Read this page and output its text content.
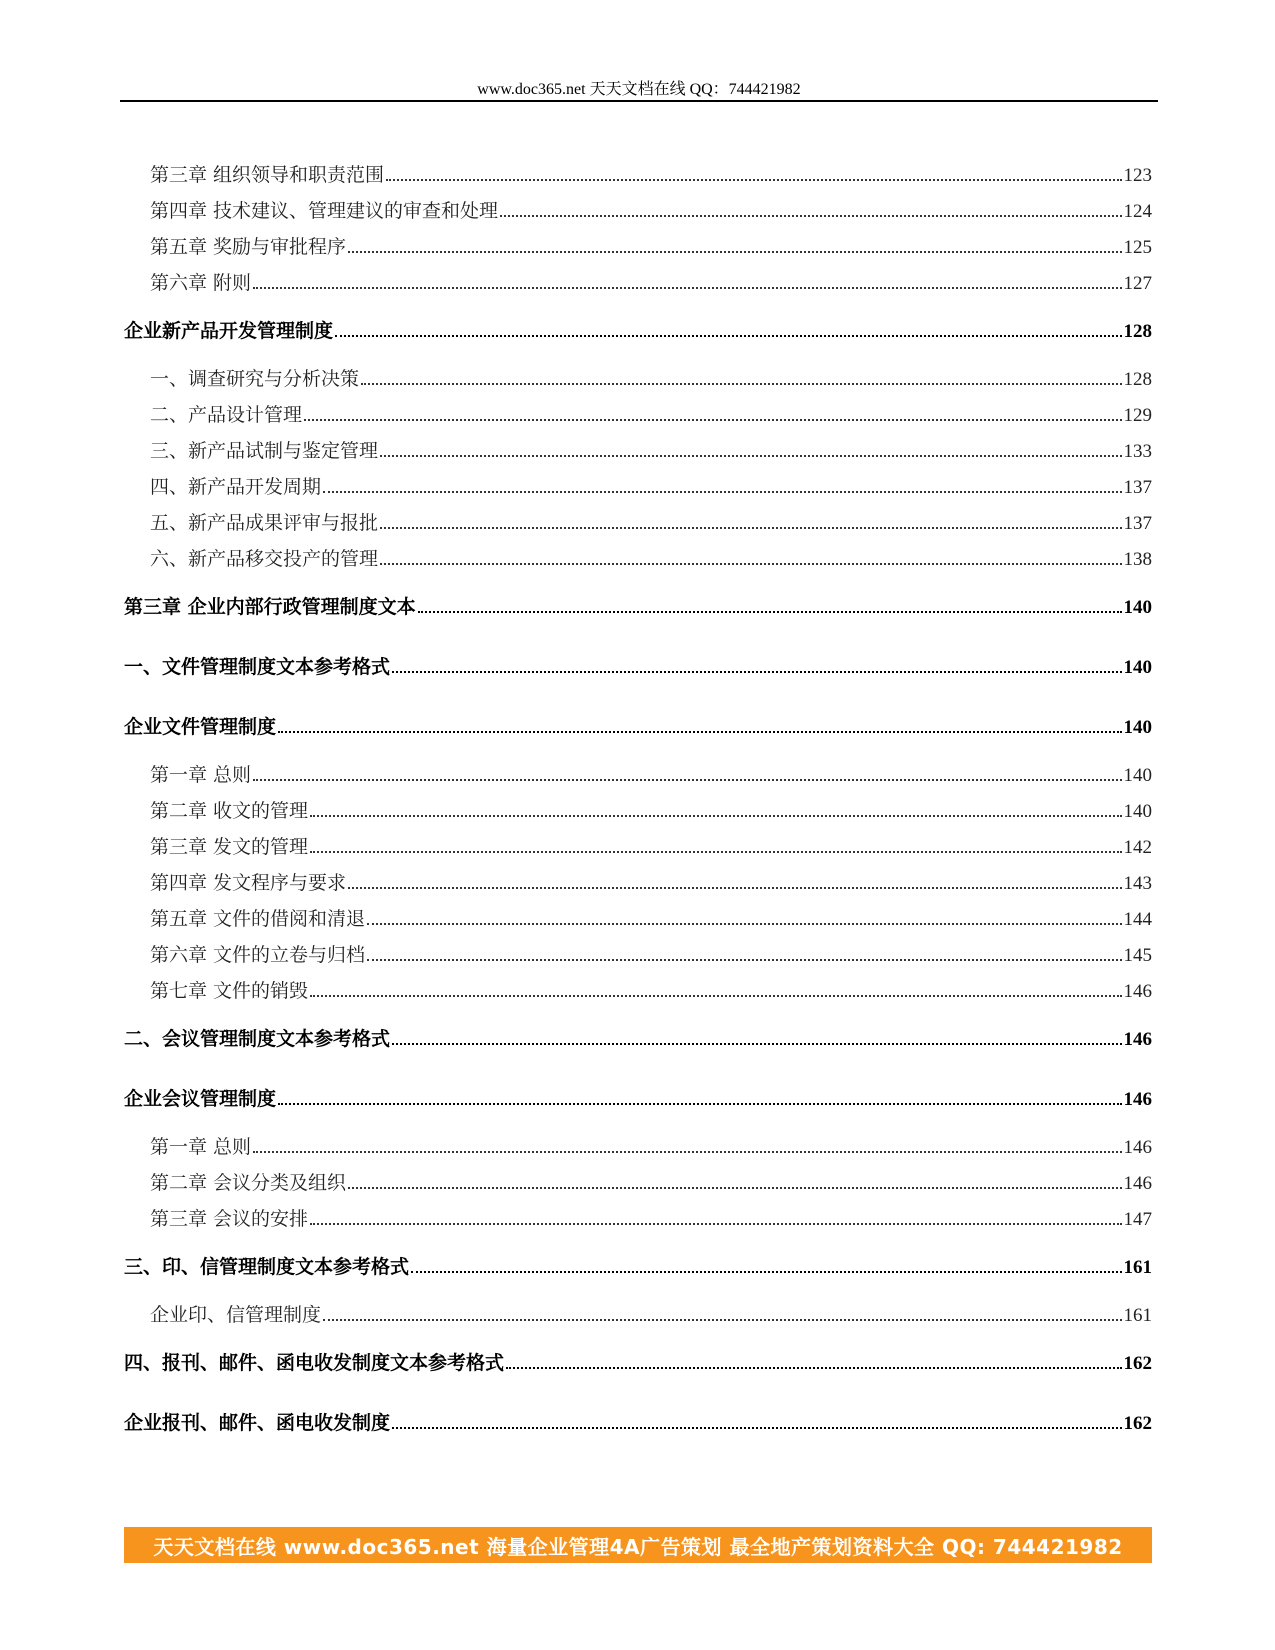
www.doc365.net 天天文档在线 QQ：744421982
第三章 组织领导和职责范围	123
第四章 技术建议、管理建议的审查和处理	124
第五章 奖励与审批程序	125
第六章 附则	127
企业新产品开发管理制度	128
一、调查研究与分析决策	128
二、产品设计管理	129
三、新产品试制与鉴定管理	133
四、新产品开发周期	137
五、新产品成果评审与报批	137
六、新产品移交投产的管理	138
第三章 企业内部行政管理制度文本	140
一、文件管理制度文本参考格式	140
企业文件管理制度	140
第一章 总则	140
第二章 收文的管理	140
第三章 发文的管理	142
第四章 发文程序与要求	143
第五章 文件的借阅和清退	144
第六章 文件的立卷与归档	145
第七章 文件的销毁	146
二、会议管理制度文本参考格式	146
企业会议管理制度	146
第一章 总则	146
第二章 会议分类及组织	146
第三章 会议的安排	147
三、印、信管理制度文本参考格式	161
企业印、信管理制度	161
四、报刊、邮件、函电收发制度文本参考格式	162
企业报刊、邮件、函电收发制度	162
天天文档在线 www.doc365.net 海量企业管理4A广告策划 最全地产策划资料大全 QQ: 744421982
